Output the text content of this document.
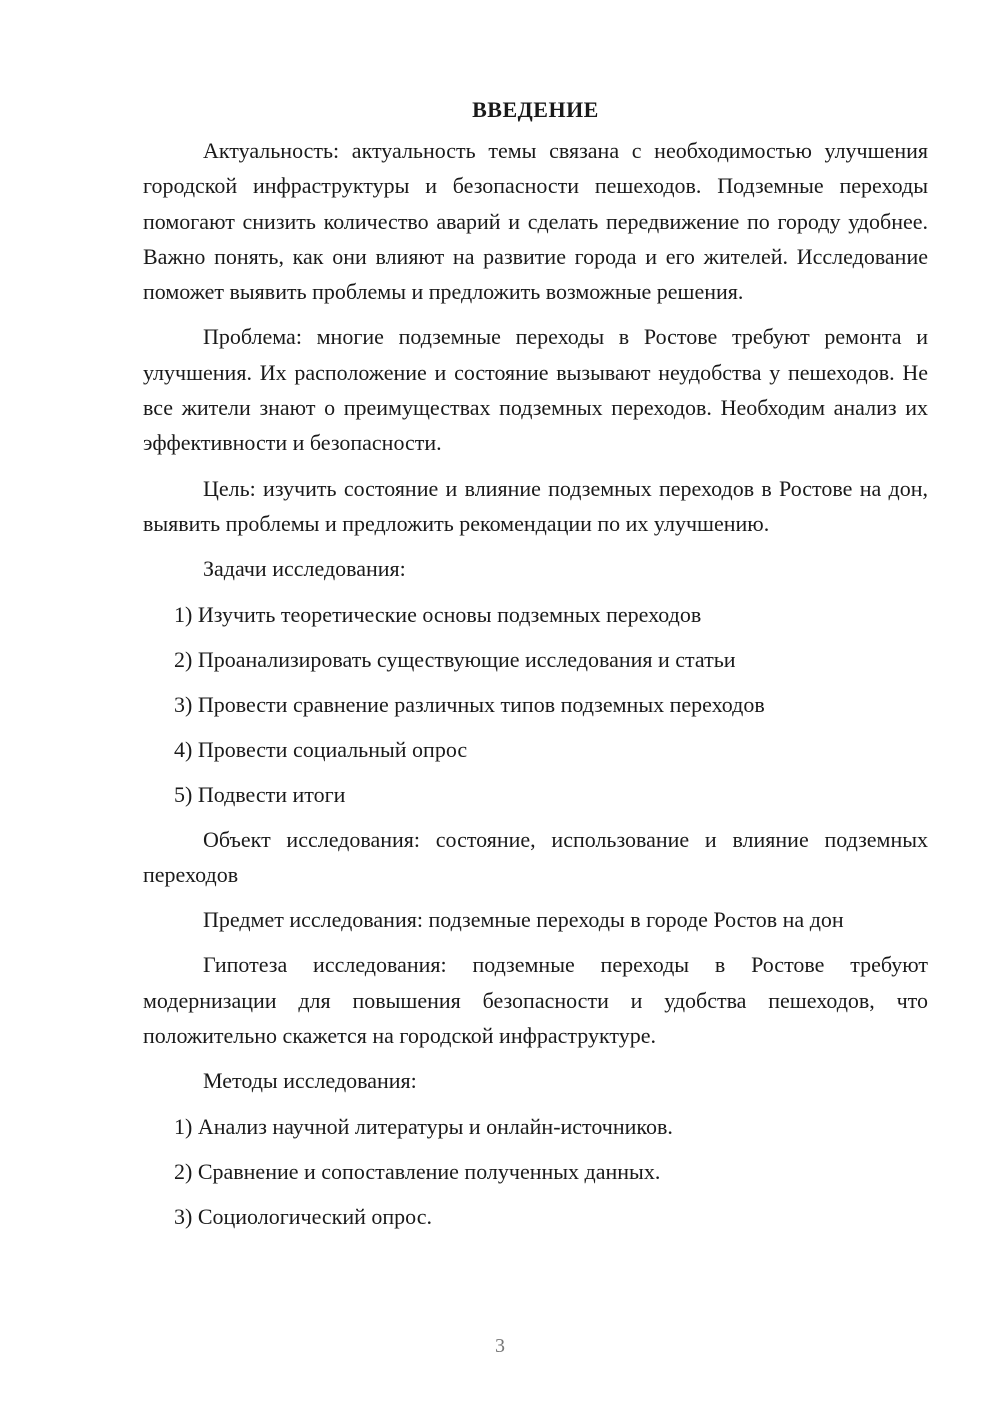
ВВЕДЕНИЕ

Актуальность: актуальность темы связана с необходимостью улучшения городской инфраструктуры и безопасности пешеходов. Подземные переходы помогают снизить количество аварий и сделать передвижение по городу удобнее. Важно понять, как они влияют на развитие города и его жителей. Исследование поможет выявить проблемы и предложить возможные решения.

Проблема: многие подземные переходы в Ростове требуют ремонта и улучшения. Их расположение и состояние вызывают неудобства у пешеходов. Не все жители знают о преимуществах подземных переходов. Необходим анализ их эффективности и безопасности.

Цель: изучить состояние и влияние подземных переходов в Ростове на дон, выявить проблемы и предложить рекомендации по их улучшению.

Задачи исследования:

1) Изучить теоретические основы подземных переходов
2) Проанализировать существующие исследования и статьи
3) Провести сравнение различных типов подземных переходов
4) Провести социальный опрос
5) Подвести итоги

Объект исследования: состояние, использование и влияние подземных переходов

Предмет исследования: подземные переходы в городе Ростов на дон

Гипотеза исследования: подземные переходы в Ростове требуют модернизации для повышения безопасности и удобства пешеходов, что положительно скажется на городской инфраструктуре.

Методы исследования:

1) Анализ научной литературы и онлайн-источников.
2) Сравнение и сопоставление полученных данных.
3) Социологический опрос.
3
